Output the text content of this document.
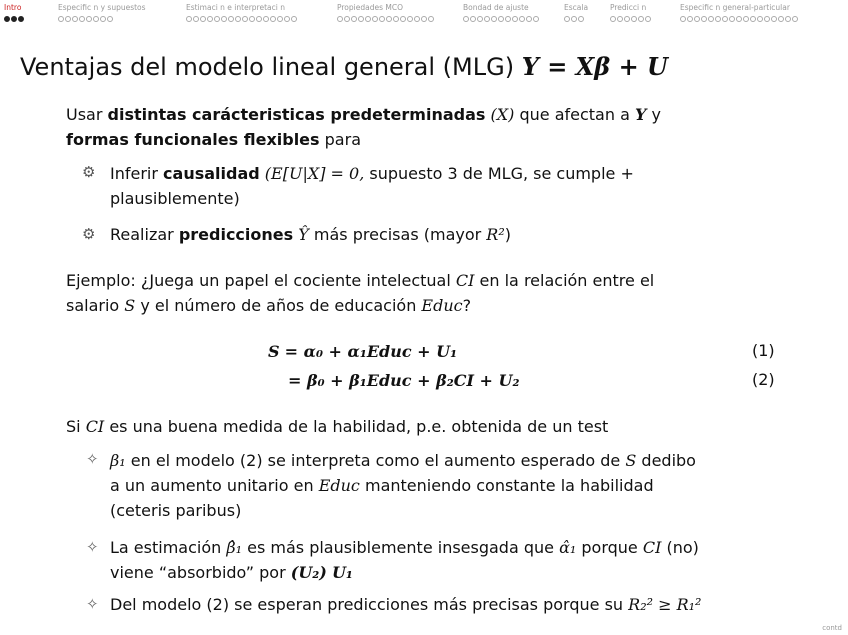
Intro	Especific n y supuestos	Estimaci n e interpretaci n	Propiedades MCO	Bondad de ajuste	Escala	Predicci n	Especific n general-particular
Ventajas del modelo lineal general (MLG) Y = Xβ + U
Usar distintas carácteristicas predeterminadas (X) que afectan a Y y
formas funcionales flexibles para
⚙ Inferir causalidad (E[U|X] = 0, supuesto 3 de MLG, se cumple +
plausiblemente)
⚙ Realizar predicciones Ŷ más precisas (mayor R²)
Ejemplo: ¿Juega un papel el cociente intelectual CI en la relación entre el
salario S y el número de años de educación Educ?
S = α₀ + α₁Educ + U₁	(1)
= β₀ + β₁Educ + β₂CI + U₂	(2)
Si CI es una buena medida de la habilidad, p.e. obtenida de un test
✧ β₁ en el modelo (2) se interpreta como el aumento esperado de S dedibo
a un aumento unitario en Educ manteniendo constante la habilidad
(ceteris paribus)
✧ La estimación β̂₁ es más plausiblemente insesgada que α̂₁ porque CI (no)
viene “absorbido” por (U₂) U₁
✧ Del modelo (2) se esperan predicciones más precisas porque su R₂² ≥ R₁²
contd
